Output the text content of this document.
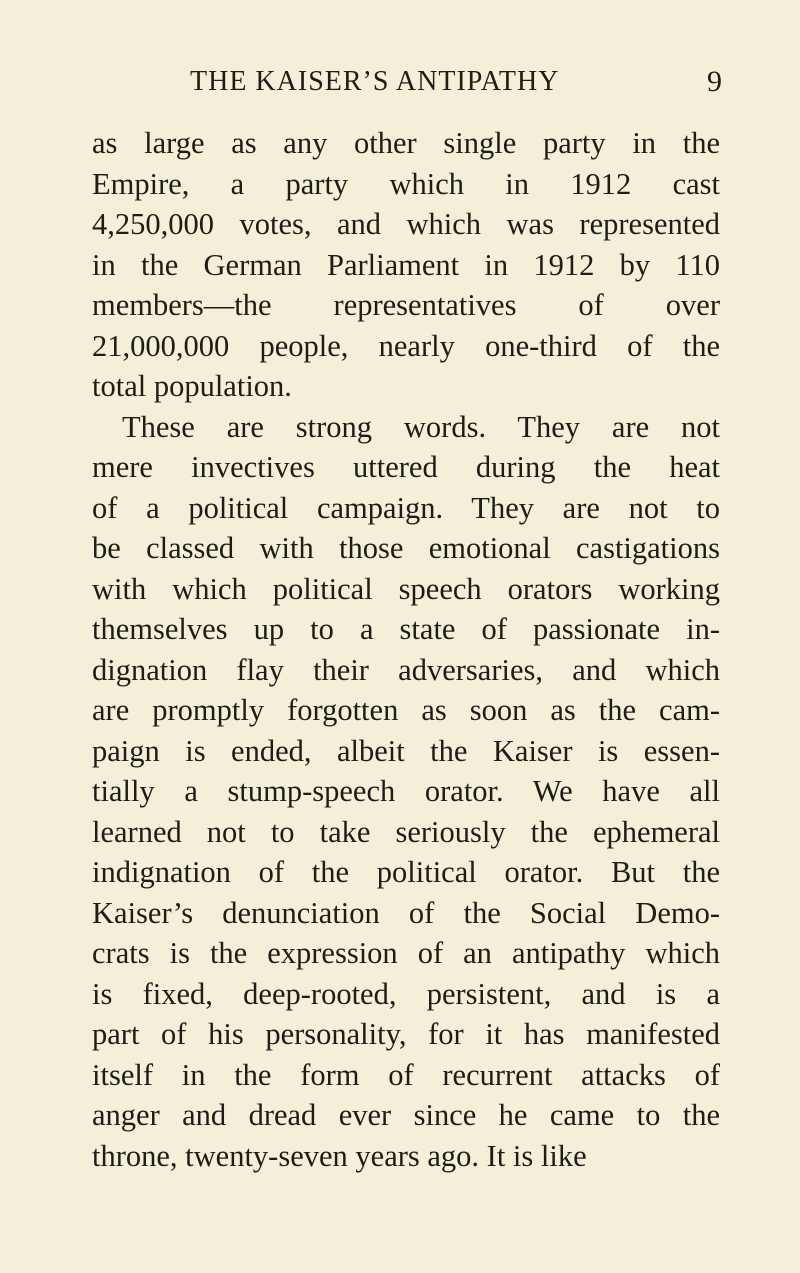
THE KAISER’S ANTIPATHY	9
as large as any other single party in the
Empire, a party which in 1912 cast
4,250,000 votes, and which was represented
in the German Parliament in 1912 by 110
members—the representatives of over
21,000,000 people, nearly one-third of the
total population.
These are strong words. They are not
mere invectives uttered during the heat
of a political campaign. They are not to
be classed with those emotional castigations
with which political speech orators working
themselves up to a state of passionate in-
dignation flay their adversaries, and which
are promptly forgotten as soon as the cam-
paign is ended, albeit the Kaiser is essen-
tially a stump-speech orator. We have all
learned not to take seriously the ephemeral
indignation of the political orator. But the
Kaiser’s denunciation of the Social Demo-
crats is the expression of an antipathy which
is fixed, deep-rooted, persistent, and is a
part of his personality, for it has manifested
itself in the form of recurrent attacks of
anger and dread ever since he came to the
throne, twenty-seven years ago. It is like
